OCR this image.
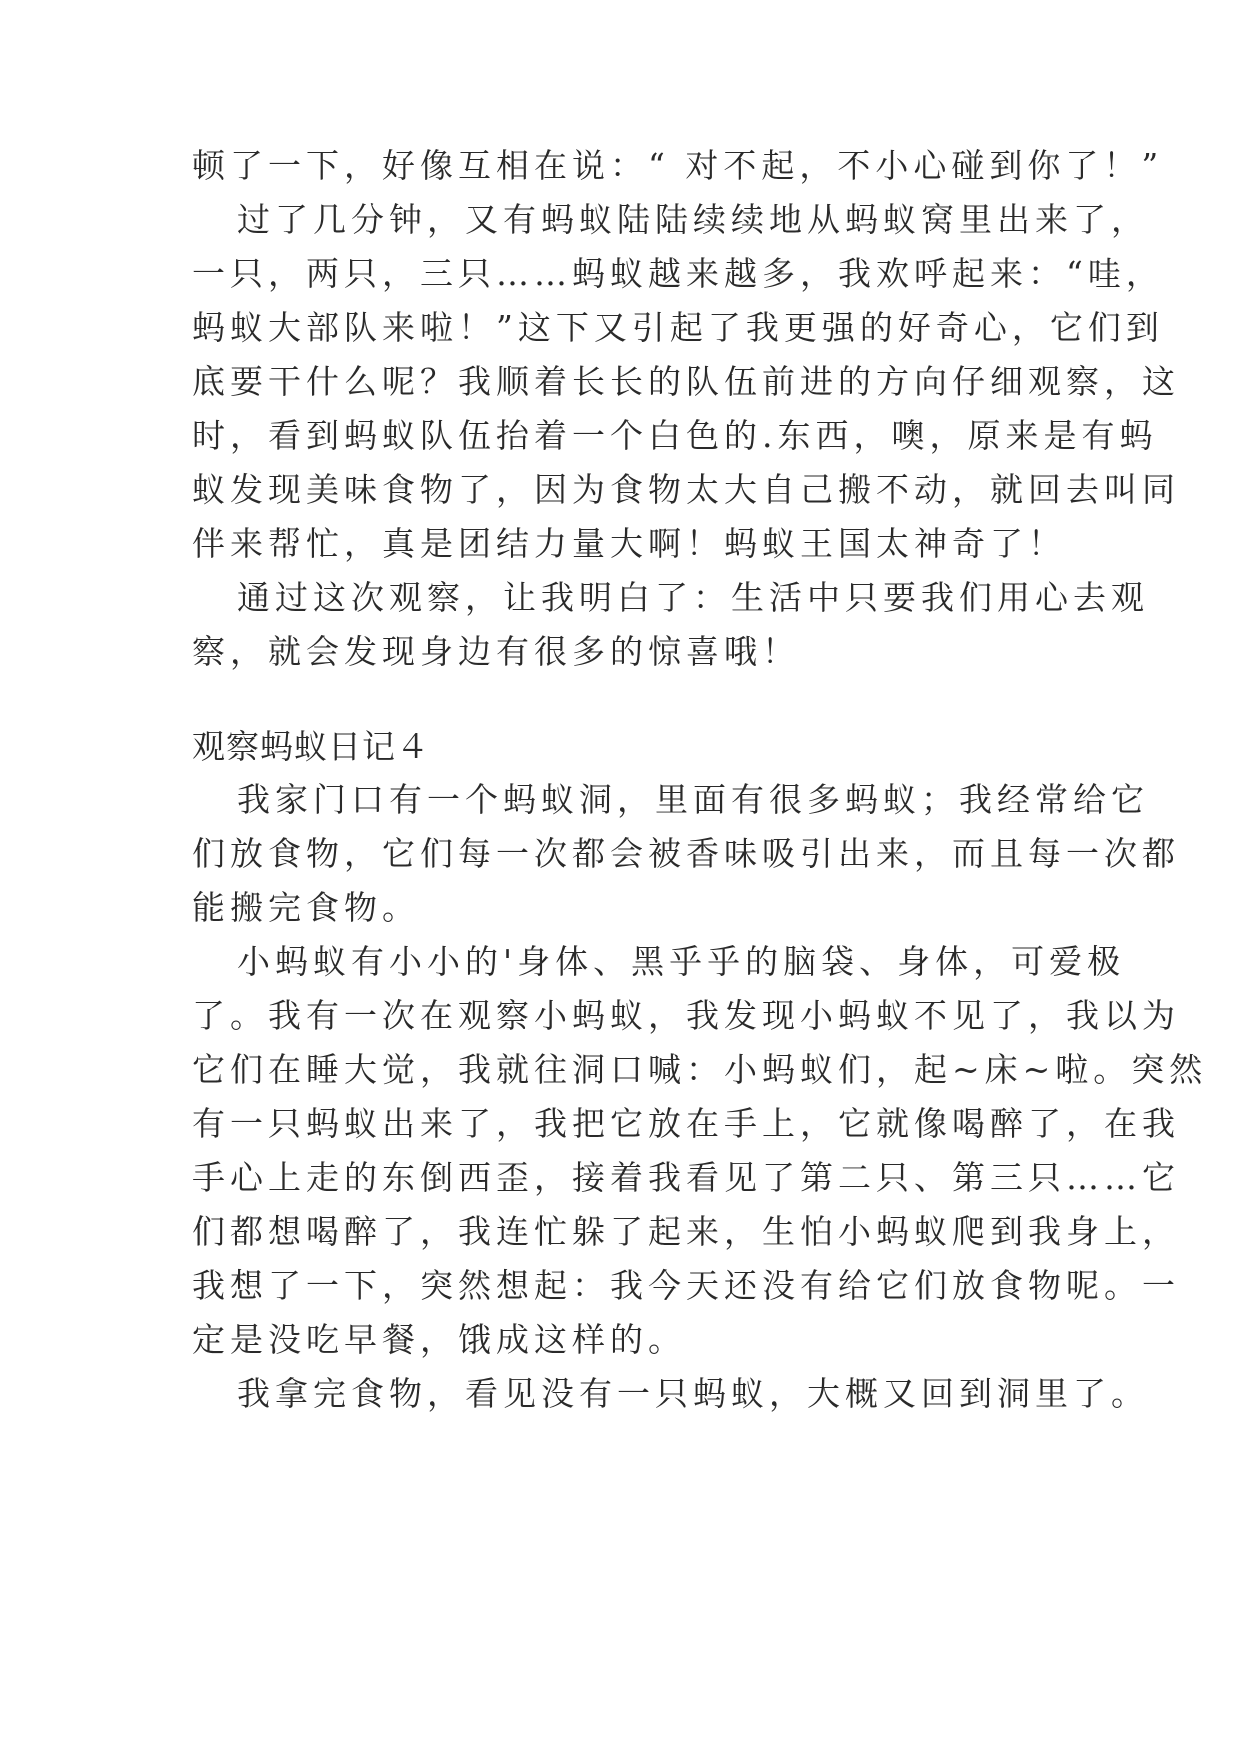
顿了一下，好像互相在说：“ 对不起，不小心碰到你了！”
过了几分钟，又有蚂蚁陆陆续续地从蚂蚁窝里出来了，
一只，两只，三只……蚂蚁越来越多，我欢呼起来：“哇，
蚂蚁大部队来啦！”这下又引起了我更强的好奇心，它们到
底要干什么呢？我顺着长长的队伍前进的方向仔细观察，这
时，看到蚂蚁队伍抬着一个白色的.东西，噢，原来是有蚂
蚁发现美味食物了，因为食物太大自己搬不动，就回去叫同
伴来帮忙，真是团结力量大啊！蚂蚁王国太神奇了！
通过这次观察，让我明白了：生活中只要我们用心去观
察，就会发现身边有很多的惊喜哦！
观察蚂蚁日记４
我家门口有一个蚂蚁洞，里面有很多蚂蚁；我经常给它
们放食物，它们每一次都会被香味吸引出来，而且每一次都
能搬完食物。
小蚂蚁有小小的'身体、黑乎乎的脑袋、身体，可爱极
了。我有一次在观察小蚂蚁，我发现小蚂蚁不见了，我以为
它们在睡大觉，我就往洞口喊：小蚂蚁们，起~床~啦。突然
有一只蚂蚁出来了，我把它放在手上，它就像喝醉了，在我
手心上走的东倒西歪，接着我看见了第二只、第三只……它
们都想喝醉了，我连忙躲了起来，生怕小蚂蚁爬到我身上，
我想了一下，突然想起：我今天还没有给它们放食物呢。一
定是没吃早餐，饿成这样的。
我拿完食物，看见没有一只蚂蚁，大概又回到洞里了。
